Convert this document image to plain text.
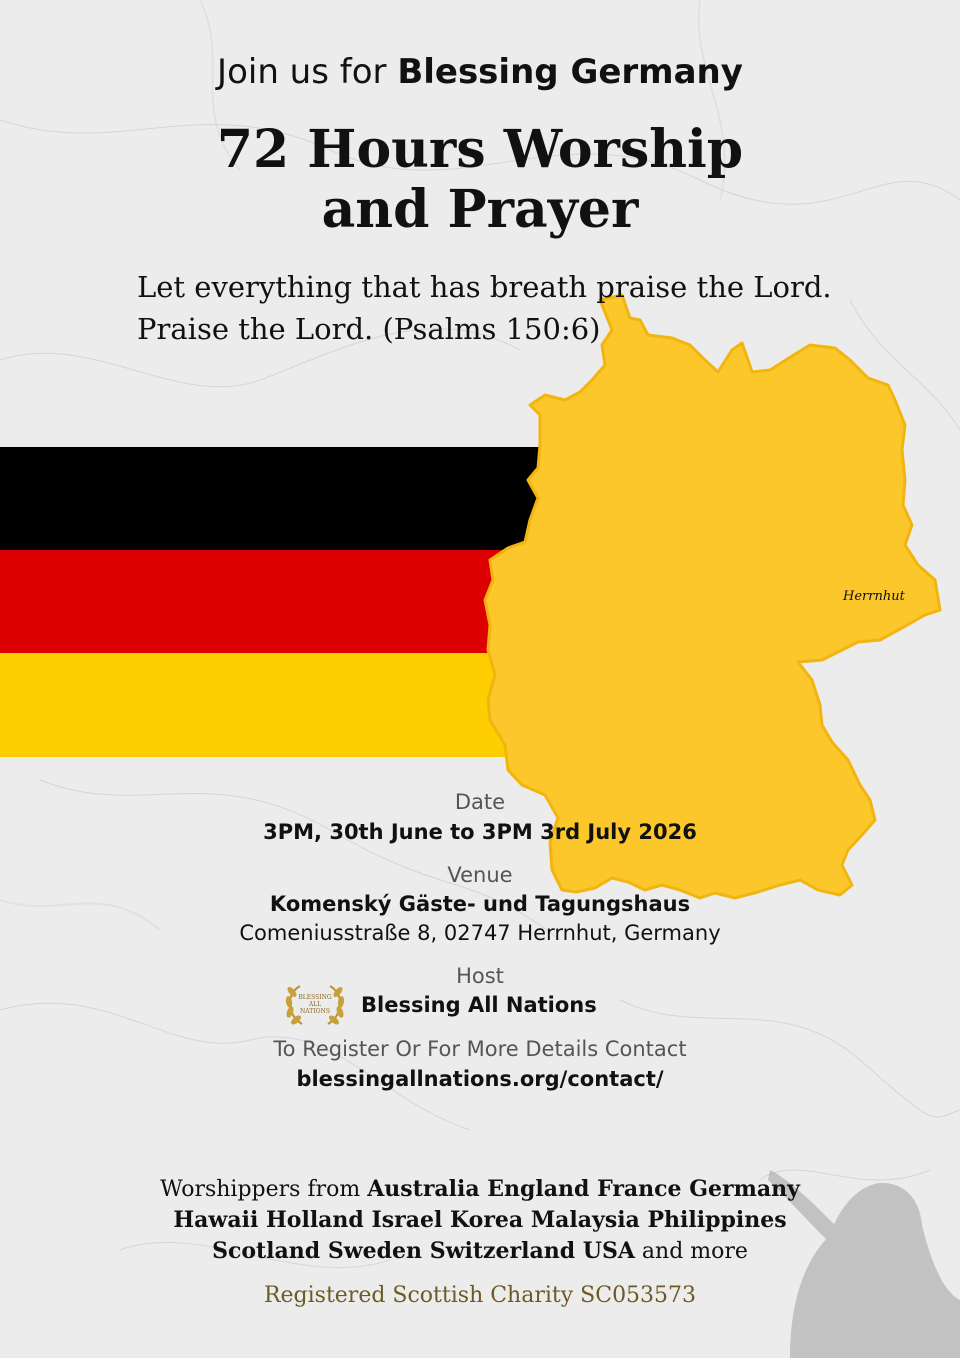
Herrnhut
Join us for Blessing Germany
72 Hours Worship
and Prayer
Let everything that has breath praise the Lord.
Praise the Lord. (Psalms 150:6)
Date
3PM, 30th June to 3PM 3rd July 2026
Venue
Komenský Gäste- und Tagungshaus
Comeniusstraße 8, 02747 Herrnhut, Germany
Host
BLESSING
ALL
NATIONS Blessing All Nations
To Register Or For More Details Contact
blessingallnations.org/contact/
Worshippers from Australia England France Germany
Hawaii Holland Israel Korea Malaysia Philippines
Scotland Sweden Switzerland USA and more
Registered Scottish Charity SC053573
